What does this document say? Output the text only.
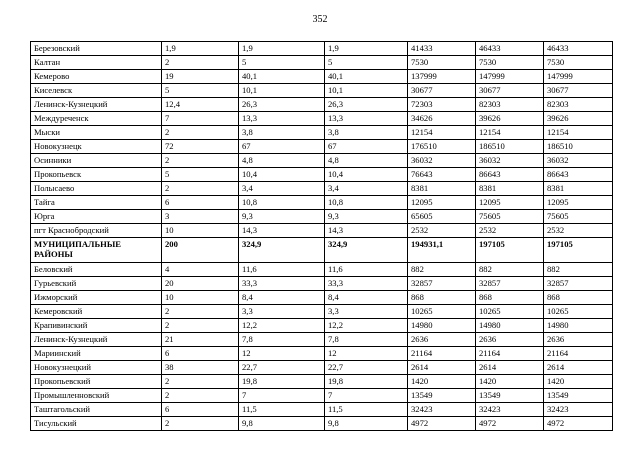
352
Березовский	1,9	1,9	1,9	41433	46433	46433
Калтан	2	5	5	7530	7530	7530
Кемерово	19	40,1	40,1	137999	147999	147999
Киселевск	5	10,1	10,1	30677	30677	30677
Ленинск-Кузнецкий	12,4	26,3	26,3	72303	82303	82303
Междуреченск	7	13,3	13,3	34626	39626	39626
Мыски	2	3,8	3,8	12154	12154	12154
Новокузнецк	72	67	67	176510	186510	186510
Осинники	2	4,8	4,8	36032	36032	36032
Прокопьевск	5	10,4	10,4	76643	86643	86643
Полысаево	2	3,4	3,4	8381	8381	8381
Тайга	6	10,8	10,8	12095	12095	12095
Юрга	3	9,3	9,3	65605	75605	75605
пгт Краснобродский	10	14,3	14,3	2532	2532	2532
МУНИЦИПАЛЬНЫЕ РАЙОНЫ	200	324,9	324,9	194931,1	197105	197105
Беловский	4	11,6	11,6	882	882	882
Гурьевский	20	33,3	33,3	32857	32857	32857
Ижморский	10	8,4	8,4	868	868	868
Кемеровский	2	3,3	3,3	10265	10265	10265
Крапивинский	2	12,2	12,2	14980	14980	14980
Ленинск-Кузнецкий	21	7,8	7,8	2636	2636	2636
Мариинский	6	12	12	21164	21164	21164
Новокузнецкий	38	22,7	22,7	2614	2614	2614
Прокопьевский	2	19,8	19,8	1420	1420	1420
Промышленновский	2	7	7	13549	13549	13549
Таштагольский	6	11,5	11,5	32423	32423	32423
Тисульский	2	9,8	9,8	4972	4972	4972
